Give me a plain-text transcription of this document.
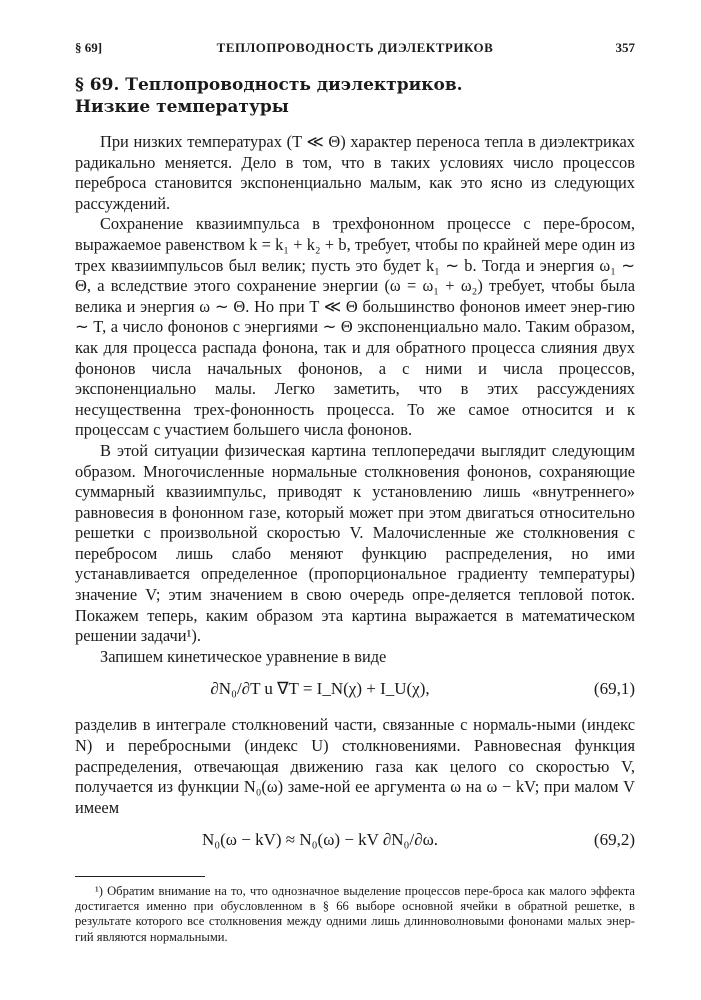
§ 69]	ТЕПЛОПРОВОДНОСТЬ ДИЭЛЕКТРИКОВ	357
§ 69. Теплопроводность диэлектриков.
Низкие температуры

При низких температурах (T ≪ Θ) характер переноса тепла в диэлектриках радикально меняется. Дело в том, что в таких условиях число процессов переброса становится экспоненциально малым, как это ясно из следующих рассуждений.

Сохранение квазиимпульса в трехфононном процессе с пере-бросом, выражаемое равенством k = k₁ + k₂ + b, требует, чтобы по крайней мере один из трех квазиимпульсов был велик; пусть это будет k₁ ∼ b. Тогда и энергия ω₁ ∼ Θ, а вследствие этого сохранение энергии (ω = ω₁ + ω₂) требует, чтобы была велика и энергия ω ∼ Θ. Но при T ≪ Θ большинство фононов имеет энер-гию ∼ T, а число фононов с энергиями ∼ Θ экспоненциально мало. Таким образом, как для процесса распада фонона, так и для обратного процесса слияния двух фононов числа начальных фононов, а с ними и числа процессов, экспоненциально малы. Легко заметить, что в этих рассуждениях несущественна трех-фононность процесса. То же самое относится и к процессам с участием большего числа фононов.

В этой ситуации физическая картина теплопередачи выглядит следующим образом. Многочисленные нормальные столкновения фононов, сохраняющие суммарный квазиимпульс, приводят к установлению лишь «внутреннего» равновесия в фононном газе, который может при этом двигаться относительно решетки с произвольной скоростью V. Малочисленные же столкновения с перебросом лишь слабо меняют функцию распределения, но ими устанавливается определенное (пропорциональное градиенту температуры) значение V; этим значением в свою очередь опре-деляется тепловой поток. Покажем теперь, каким образом эта картина выражается в математическом решении задачи¹).

Запишем кинетическое уравнение в виде

∂N₀/∂T u ∇T = I_N(χ) + I_U(χ),	(69,1)

разделив в интеграле столкновений части, связанные с нормаль-ными (индекс N) и перебросными (индекс U) столкновениями. Равновесная функция распределения, отвечающая движению газа как целого со скоростью V, получается из функции N₀(ω) заме-ной ее аргумента ω на ω − kV; при малом V имеем

N₀(ω − kV) ≈ N₀(ω) − kV ∂N₀/∂ω.	(69,2)
¹) Обратим внимание на то, что однозначное выделение процессов пере-броса как малого эффекта достигается именно при обусловленном в § 66 выборе основной ячейки в обратной решетке, в результате которого все столкновения между одними лишь длинноволновыми фононами малых энер-гий являются нормальными.
